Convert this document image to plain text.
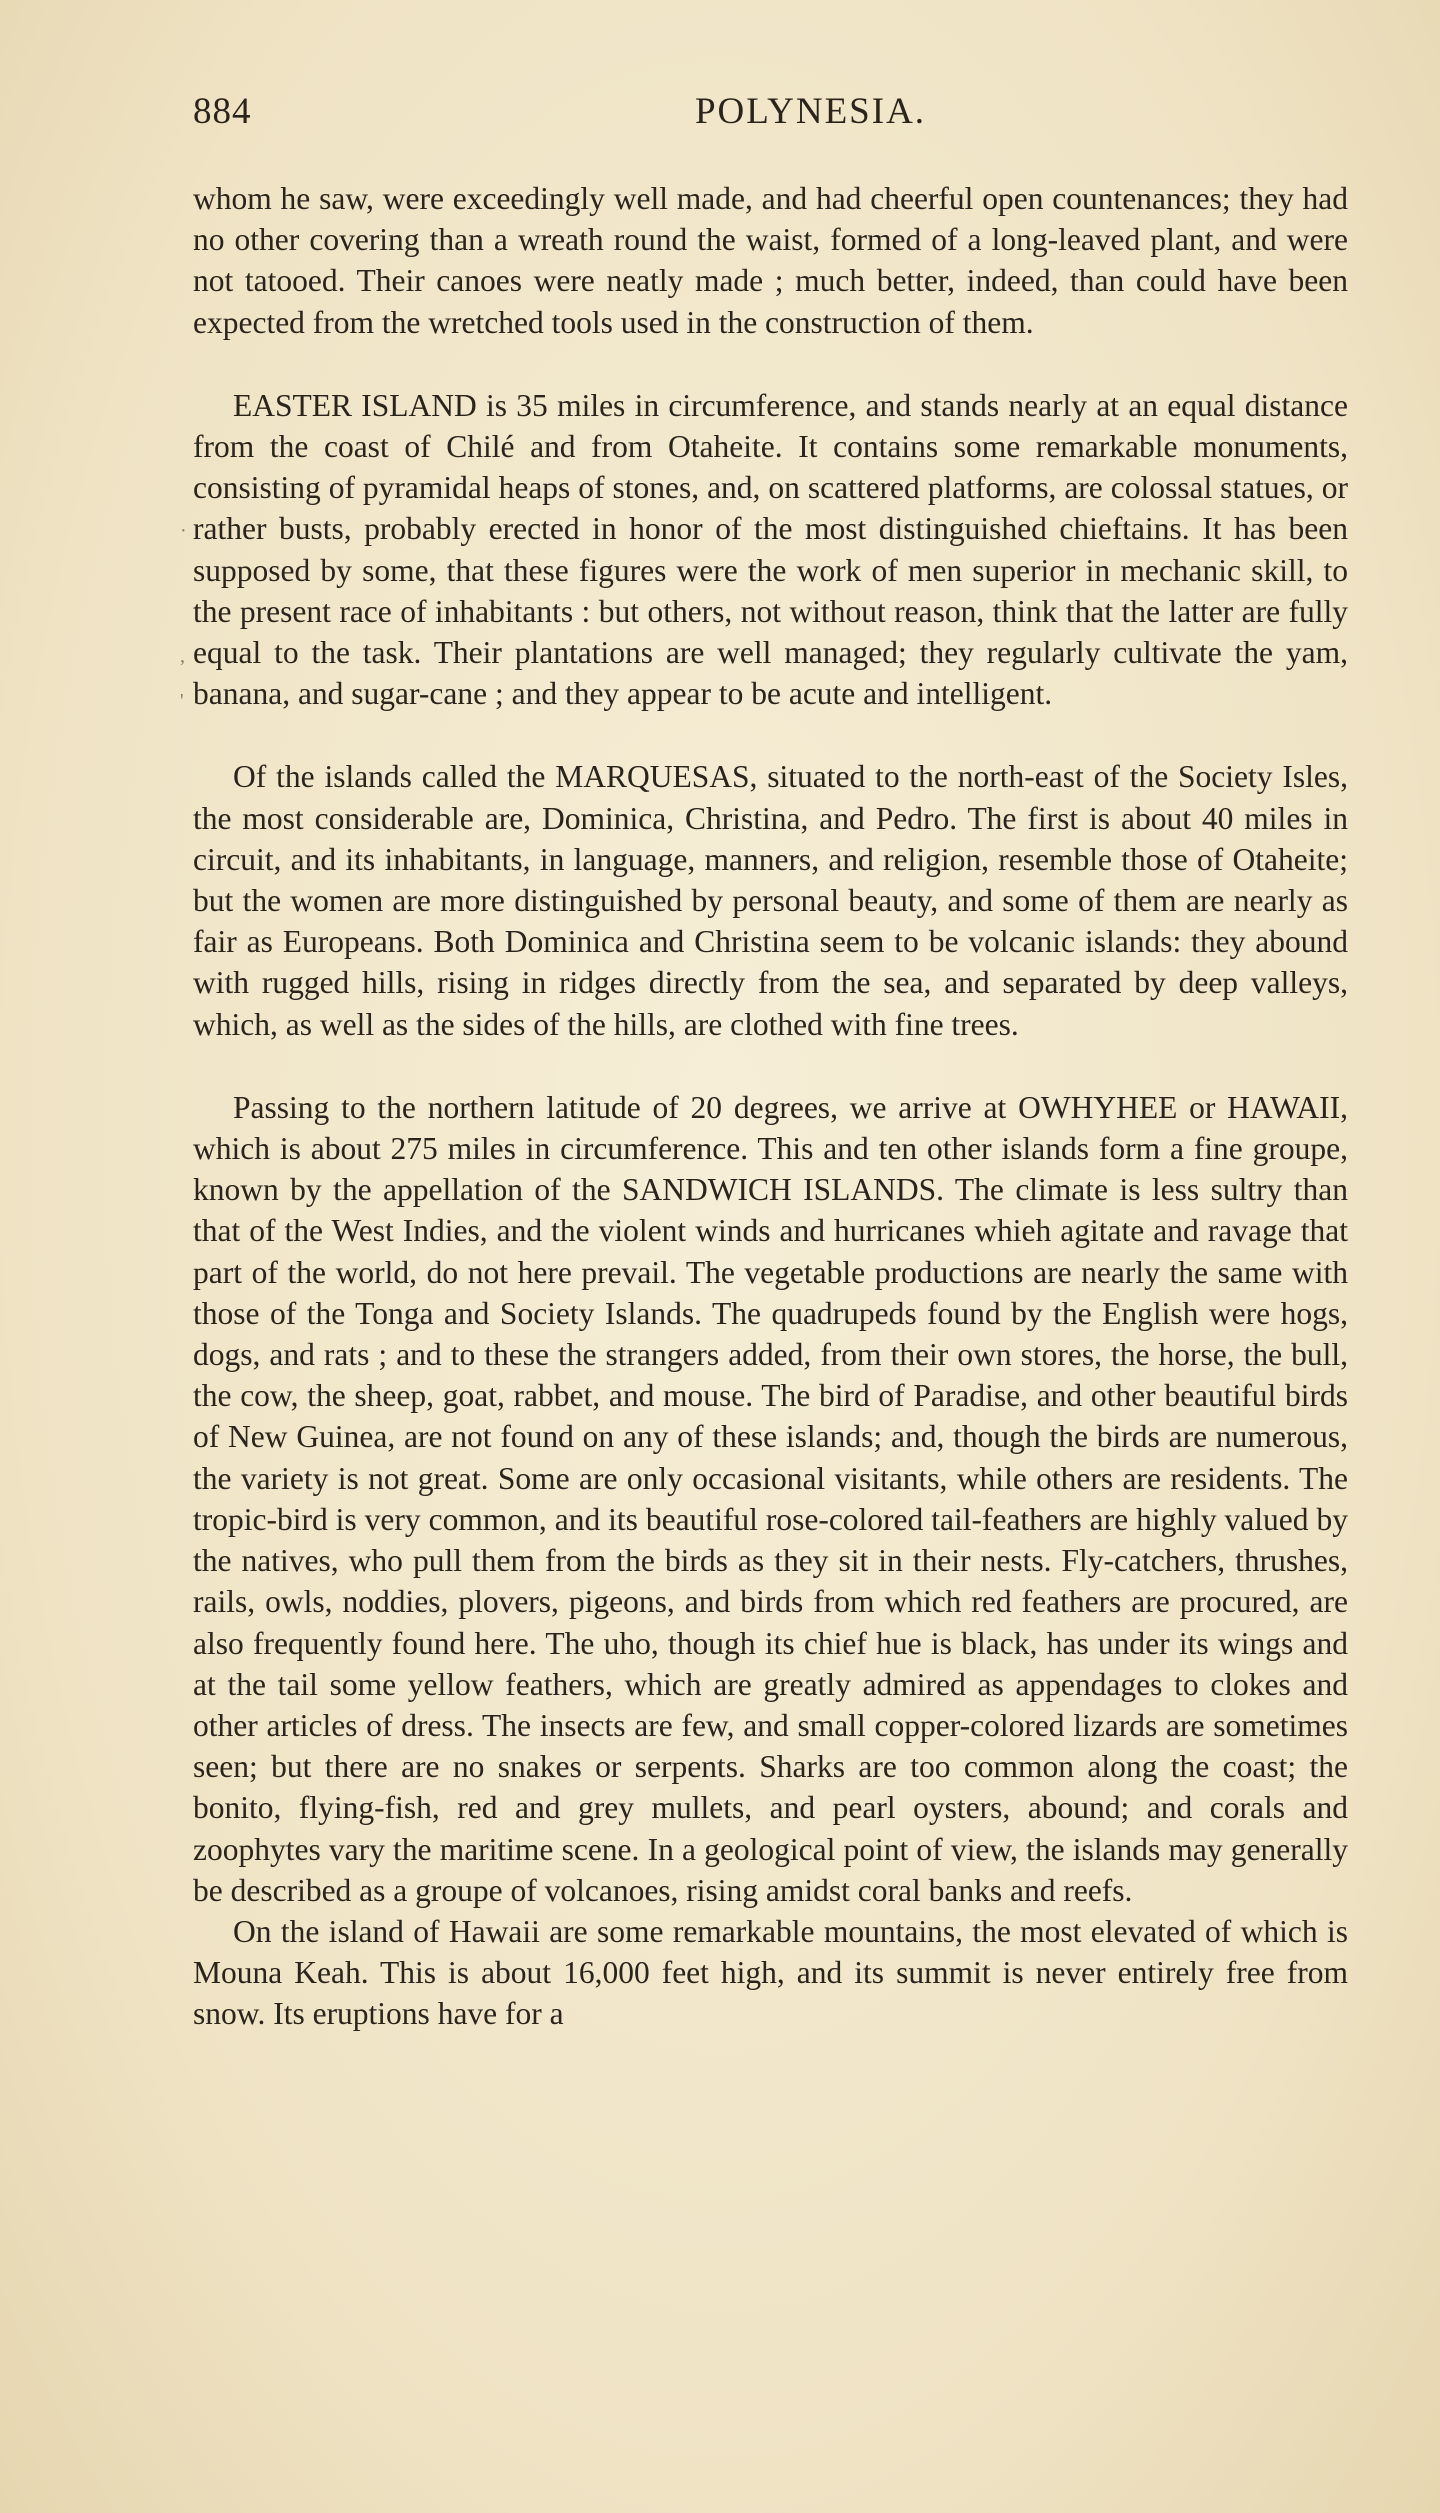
884	POLYNESIA.

whom he saw, were exceedingly well made, and had cheerful open countenances; they had no other covering than a wreath round the waist, formed of a long-leaved plant, and were not tatooed. Their canoes were neatly made ; much better, indeed, than could have been expected from the wretched tools used in the construction of them.

EASTER ISLAND is 35 miles in circumference, and stands nearly at an equal distance from the coast of Chilé and from Otaheite. It contains some remarkable monuments, consisting of pyramidal heaps of stones, and, on scattered platforms, are colossal statues, or rather busts, probably erected in honor of the most distinguished chieftains. It has been supposed by some, that these figures were the work of men superior in mechanic skill, to the present race of inhabitants : but others, not without reason, think that the latter are fully equal to the task. Their plantations are well managed; they regularly cultivate the yam, banana, and sugar-cane ; and they appear to be acute and intelligent.

Of the islands called the MARQUESAS, situated to the north-east of the Society Isles, the most considerable are, Dominica, Christina, and Pedro. The first is about 40 miles in circuit, and its inhabitants, in language, manners, and religion, resemble those of Otaheite; but the women are more distinguished by personal beauty, and some of them are nearly as fair as Europeans. Both Dominica and Christina seem to be volcanic islands: they abound with rugged hills, rising in ridges directly from the sea, and separated by deep valleys, which, as well as the sides of the hills, are clothed with fine trees.

Passing to the northern latitude of 20 degrees, we arrive at OWHYHEE or HAWAII, which is about 275 miles in circumference. This and ten other islands form a fine groupe, known by the appellation of the SANDWICH ISLANDS. The climate is less sultry than that of the West Indies, and the violent winds and hurricanes whieh agitate and ravage that part of the world, do not here prevail. The vegetable productions are nearly the same with those of the Tonga and Society Islands. The quadrupeds found by the English were hogs, dogs, and rats ; and to these the strangers added, from their own stores, the horse, the bull, the cow, the sheep, goat, rabbet, and mouse. The bird of Paradise, and other beautiful birds of New Guinea, are not found on any of these islands; and, though the birds are numerous, the variety is not great. Some are only occasional visitants, while others are residents. The tropic-bird is very common, and its beautiful rose-colored tail-feathers are highly valued by the natives, who pull them from the birds as they sit in their nests. Fly-catchers, thrushes, rails, owls, noddies, plovers, pigeons, and birds from which red feathers are procured, are also frequently found here. The uho, though its chief hue is black, has under its wings and at the tail some yellow feathers, which are greatly admired as appendages to clokes and other articles of dress. The insects are few, and small copper-colored lizards are sometimes seen; but there are no snakes or serpents. Sharks are too common along the coast; the bonito, flying-fish, red and grey mullets, and pearl oysters, abound; and corals and zoophytes vary the maritime scene. In a geological point of view, the islands may generally be described as a groupe of volcanoes, rising amidst coral banks and reefs.

On the island of Hawaii are some remarkable mountains, the most elevated of which is Mouna Keah. This is about 16,000 feet high, and its summit is never entirely free from snow. Its eruptions have for a

·
,
'
